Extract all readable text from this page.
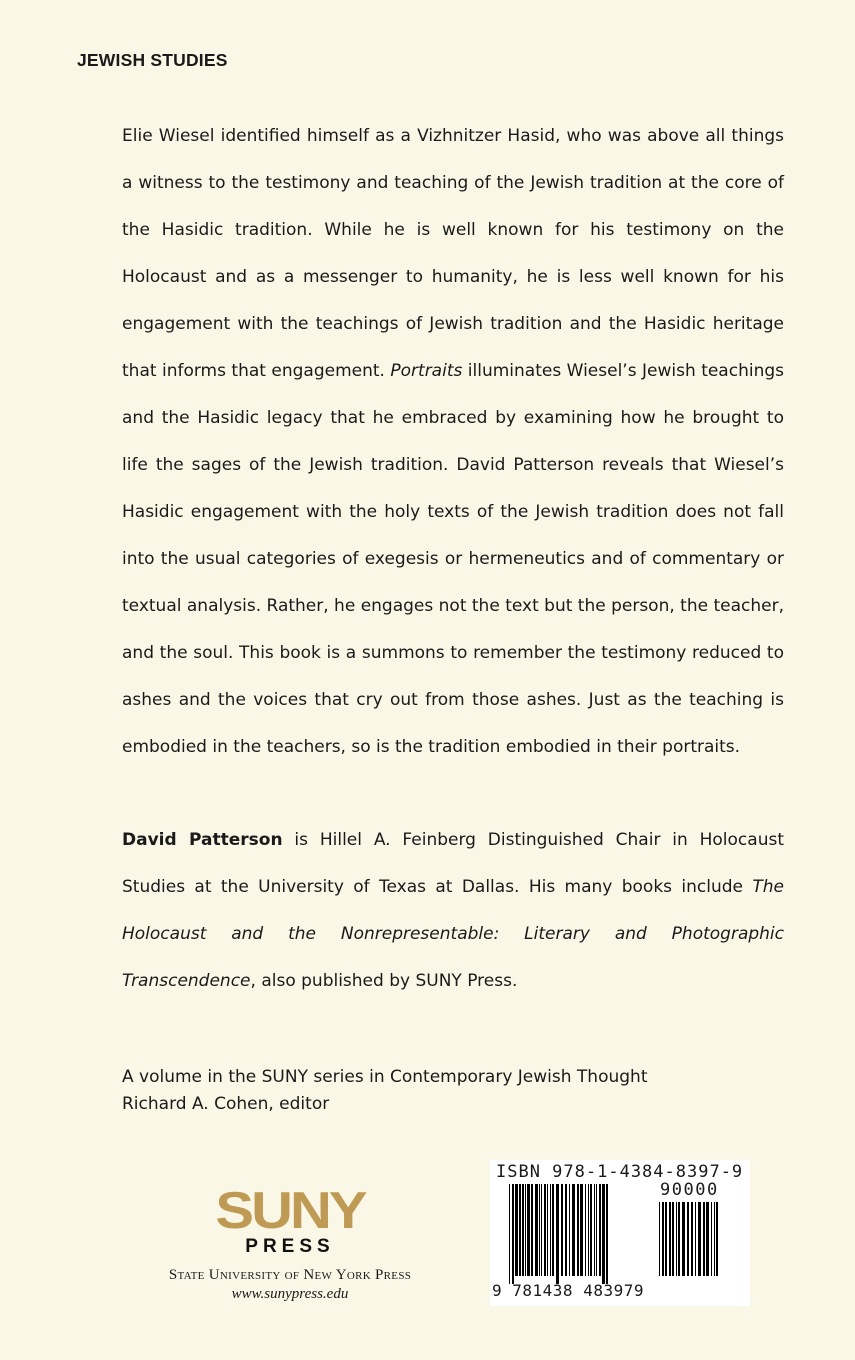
JEWISH STUDIES

Elie Wiesel identified himself as a Vizhnitzer Hasid, who was above all things a witness to the testimony and teaching of the Jewish tradition at the core of the Hasidic tradition. While he is well known for his testimony on the Holocaust and as a messenger to humanity, he is less well known for his engagement with the teachings of Jewish tradition and the Hasidic heritage that informs that engagement. Portraits illuminates Wiesel’s Jewish teachings and the Hasidic legacy that he embraced by examining how he brought to life the sages of the Jewish tradition. David Patterson reveals that Wiesel’s Hasidic engagement with the holy texts of the Jewish tradition does not fall into the usual categories of exegesis or hermeneutics and of commentary or textual analysis. Rather, he engages not the text but the person, the teacher, and the soul. This book is a summons to remember the testimony reduced to ashes and the voices that cry out from those ashes. Just as the teaching is embodied in the teachers, so is the tradition embodied in their portraits.

David Patterson is Hillel A. Feinberg Distinguished Chair in Holocaust Studies at the University of Texas at Dallas. His many books include The Holocaust and the Nonrepresentable: Literary and Photographic Transcendence, also published by SUNY Press.

A volume in the SUNY series in Contemporary Jewish Thought
Richard A. Cohen, editor
SUNY
PRESS
State University of New York Press
www.sunypress.edu

ISBN 978-1-4384-8397-9

90000
9 781438 483979
